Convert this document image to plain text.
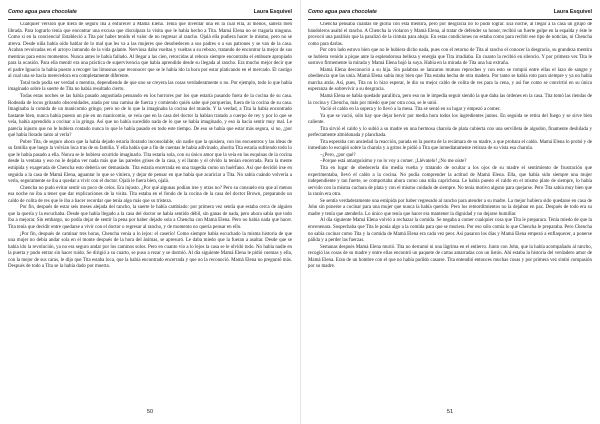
Como agua para chocolate	Laura Esquivel

Cualquier versión que diera de seguro iba a enfurecer a Mamá Elena. Tenía que inventar una en la cual ella, al menos, saliera bien librada. Para lograrlo tenía que encontrar una excusa que disculpara la visita que le había hecho a Tita. Mamá Elena no se tragaría ninguna. Como si en la conciencia! Estableció a Tita por haber tenido el valor de no regresar al rancho. Ojalá ella pudiera hacer lo mismo, pero no se atreva. Desde niña había oído hablar de lo mal que les va a las mujeres que desobedecen a sus padres o a sus patrones y se van de la casa. Acaban revolcadas en el arroyo inmundo de la vida galante. Nerviosa daba vueltas y vueltas a su rebozo, tratando de encontrar la mejor de sus mentiras para estos momentos. Nunca antes le había fallado. Al llegar a las cien, retorcidas al rebozo siempre encontraba el embuste apropiado para la ocasión. Para ella mentir era una práctica de supervivencia que había aprendido desde su llegada al rancho. Era mucho mejor decir que el padre Ignacio la había puesto a recoger las limosnas que reconocer que se le había ido la hora por estar platicando en el mercado. El castigo al cual una se hacía merecedora era completamente diferente.

Total todo podía ser verdad o mentira, dependiendo de que uno se creyera las cosas verdaderamente o no. Por ejemplo, todo lo que había imaginado sobre la suerte de Tita no había resultado cierto.

Todas estas noches se las había pasado angustiada pensando en los horrores por los que estaría pasando fuera de la cocina de su casa. Rodeada de locos gritando obscenidades, atada por una camisa de fuerza y comiendo quién sabe qué porquerías, fuera de la cocina de su casa. Imaginaba la comida de un manicomio gringo, pero no de lo que la imaginaba la cocina del mundo. Y la verdad, a Tita la había encontrado bastante bien, nunca había puesto un pie en un manicomio, se veía que en la casa del doctor la habían tratado a cuerpo de rey y por lo que se veía, había aprendido a cocinar a la gringa. Así que no había sucedido nada de lo que se había imaginado, y eso la hacía sentir muy mal. Le parecía injusto que no le hubiera contado nunca lo que le había pasado en todo este tiempo. De eso se había que estar más segura, si no, ¿por qué había llorado tanto al verla?

Pobre Tita, de seguro ahora que la había dejado estaría llorando inconsolable, sin nadie que la quisiera, con los encuentros y las ideas de su familia que luego la volvían loca tras de su familia. Y ella había que a fin de cuentas le había adivinado, ahorita Tita estaría sufriendo todo lo que le había pasado a ella. Nunca se le hubiera ocurrido imaginarlo. Tita estaría sola, con su único amor que la veía en las esquinas de la cocina desde la ventana y eso no le dejaba ver nada más que las paredes grises de la casa, y el llanto y el olvido la tenían encerrada. Para la mente estúpida y exagerada de Chencha esto debería ser demasiado. Tita estaría encerrada en una tragedia como un huérfano. Así que decidió irse en seguida a la casa de Mamá Elena, aguantar lo que se viniera, y dejar de pensar en que había que acariciar a Tita. No sabía cuándo volvería a verla, seguramente se iba a quedar a vivir con el doctor. Ojalá le fuera bien, ojalá.

Chencha no pudo evitar sentir un poco de celos. Era injusto. ¿Por qué algunas podían irse y otras no? Pero su consuelo era que al menos esa noche no iba a tener que dar explicaciones de la visita. Tita estaba en el fondo de la cocina de la casa del doctor Brown, preparando un caldo de colita de res que le iba a hacer recordar que tenía algo más que su tristeza.

Por fin, después de estar seis meses alejada del rancho, la suerte le había cambiado: por primera vez sentía que estaba cerca de alguien que la quería y la escuchaba. Desde que había llegado a la casa del doctor se había sentido débil, sin ganas de nada, pero ahora sabía que todo iba a mejorar. Sin embargo, no podía dejar de sentir la pena por haber dejado sola a Chencha con Mamá Elena. Pero no había nada que hacer. Tita tenía que decidir entre quedarse a vivir con el doctor o regresar al rancho, y de momento no quería pensar en ello.

¡Por fin, después de caminar tres horas, Chencha venía a lo lejos: el caserío! Como siempre había escuchado la misma historia de que una mujer no debía andar sola en el monte después de la hora del ánimas, se apresuró. Le daba miedo que la fueran a asaltar. Desde que se había ido la revolución, ya no era seguro andar por los caminos solos. Pero en cuanto vio a lo lejos la casa se le olvidó todo. No había nadie en la puerta y pudo entrar sin hacer ruido. Se dirigió a su cuarto, se puso a rezar y se durmió. Al día siguiente Mamá Elena le pidió cuentas y ella, con la mejor de sus caras, le dijo que Tita estaba loca, que la había encontrado encerrada y que no la reconoció. Mamá Elena no preguntó más. Después de todo a Tita se la había dado por muerta.

50
Como agua para chocolate	Laura Esquivel

Chencha pensaba cuántas de gloria con esta mentira, pero por desgracia no lo pudo lograr. Esa noche, al llegar a la casa un grupo de bandoleros asaltó el rancho. A Chencha la violaron y Mamá Elena, al tratar de defender su honor, recibió un fuerte golpe en la espalda y éste le provocó una parálisis que la paralizó de la cintura para abajo. En estas condiciones no estaba como para recibir ese tipo de noticias, ni Chencha como para darlas.

Por otro lado estuvo bien que no le hubiera dicho nada, pues con el retorno de Tita al rancho el conocer la desgracia, su grandeza mentira se hubiera venido a pique ante la esplendorosa belleza y energía que Tita irradiaba. En cuanto la recibió en silencio. Y por primera vez Tita le sostuvo firmemente la mirada y Mamá Elena bajó la suya. Había en la mirada de Tita una luz extraña.

Mamá Elena desconoció a su hija. Sin palabras se lanzaron mutuos reproches y con esto se rompió entre ellas el lazo de sangre y obediencia que las unía. Mamá Elena sabía muy bien que Tita estaba hecha de otra madera. Por tanto se había roto para siempre y ya no había marcha atrás. Así, pues, Tita no lo hizo esperar, le dio su mejor caldo de colita de res para la cena, y así fue como se convirtió en su única esperanza de sobrevivir a su desgracia.

Mamá Elena se había quedado paralítica, pero eso no le impedía seguir siendo la que daba las órdenes en la casa. Tita tomó las riendas de la cocina y Chencha, más por miedo que por otra cosa, se le unió.

Vació el caldo en la sopera y lo llevó a la mesa. Tita se sentó en su lugar y empezó a comer.

Ya que se vació, sólo hay que dejar hervir por media hora todos los ingredientes juntos. En seguida se retira del fuego y se sirve bien caliente.

Tita sirvió el caldo y lo subió a su madre en una hermosa charola de plata cubierta con una servilleta de algodón, finamente deshilada y perfectamente almidonada y planchada.

Tita esperaba con ansiedad la reacción, parada en la puerta de la recámara de su madre, a que probara el caldo. Mamá Elena lo probó y de inmediato lo escupió sobre la charola y a gritos le pidió a Tita que inmediatamente retirara de su vista esa charola.

–¿Pero, ¿por qué?

–Porque está amarguísimo y no lo voy a comer. ¡Llévatelo! ¿No me oíste?

Tita en lugar de obedecerla dio media vuelta y tratando de ocultar a los ojos de su madre el sentimiento de frustración que experimentaba, llevó el caldo a la cocina. No podía comprender la actitud de Mamá Elena. Ella, que había sido siempre una mujer independiente y tan fuerte, se comportaba ahora como una niña caprichosa. Le había puesto el caldo en el mismo plato de siempre, lo había servido con la misma cuchara de plata y con el mismo cuidado de siempre. No tenía motivo alguno para quejarse. Pero Tita sabía muy bien que la razón era otra.

Se sentía verdaderamente una estúpida por haber regresado al rancho para atender a su madre. La mejor hubiera sido quedarse en casa de John sin ponerse a cocinar para una mujer que nunca la había querido. Pero los remordimientos no la dejaban en paz. Después de todo era su madre y tenía que atenderla. Lo único que tenía que hacer era mantener la dignidad y no dejarse humillar.

Al día siguiente Mamá Elena volvió a rechazar la comida. Se negaba a comer cualquier cosa que Tita le preparara. Tenía miedo de que la envenenara. Sospechaba que Tita le ponía algo a la comida para que se muriera. Por eso sólo comía lo que Chencha le preparaba. Pero Chencha no sabía cocinar como Tita y la comida de Mamá Elena era cada vez peor. Así pasaron los días y Mamá Elena empezó a enflaquecer, a ponerse pálida y a perder las fuerzas.

Semanas después Mamá Elena murió. Tita no derramó ni una lágrima en el entierro. Junto con John, que la había acompañado al rancho, recogió las cosas de su madre y entre ellas encontró un paquete de cartas amarradas con un listón. Ahí estaba la historia del verdadero amor de Mamá Elena. Eran de un hombre con el que no había podido casarse. Tita entendió entonces muchas cosas y por primera vez sintió compasión por su madre.

51
